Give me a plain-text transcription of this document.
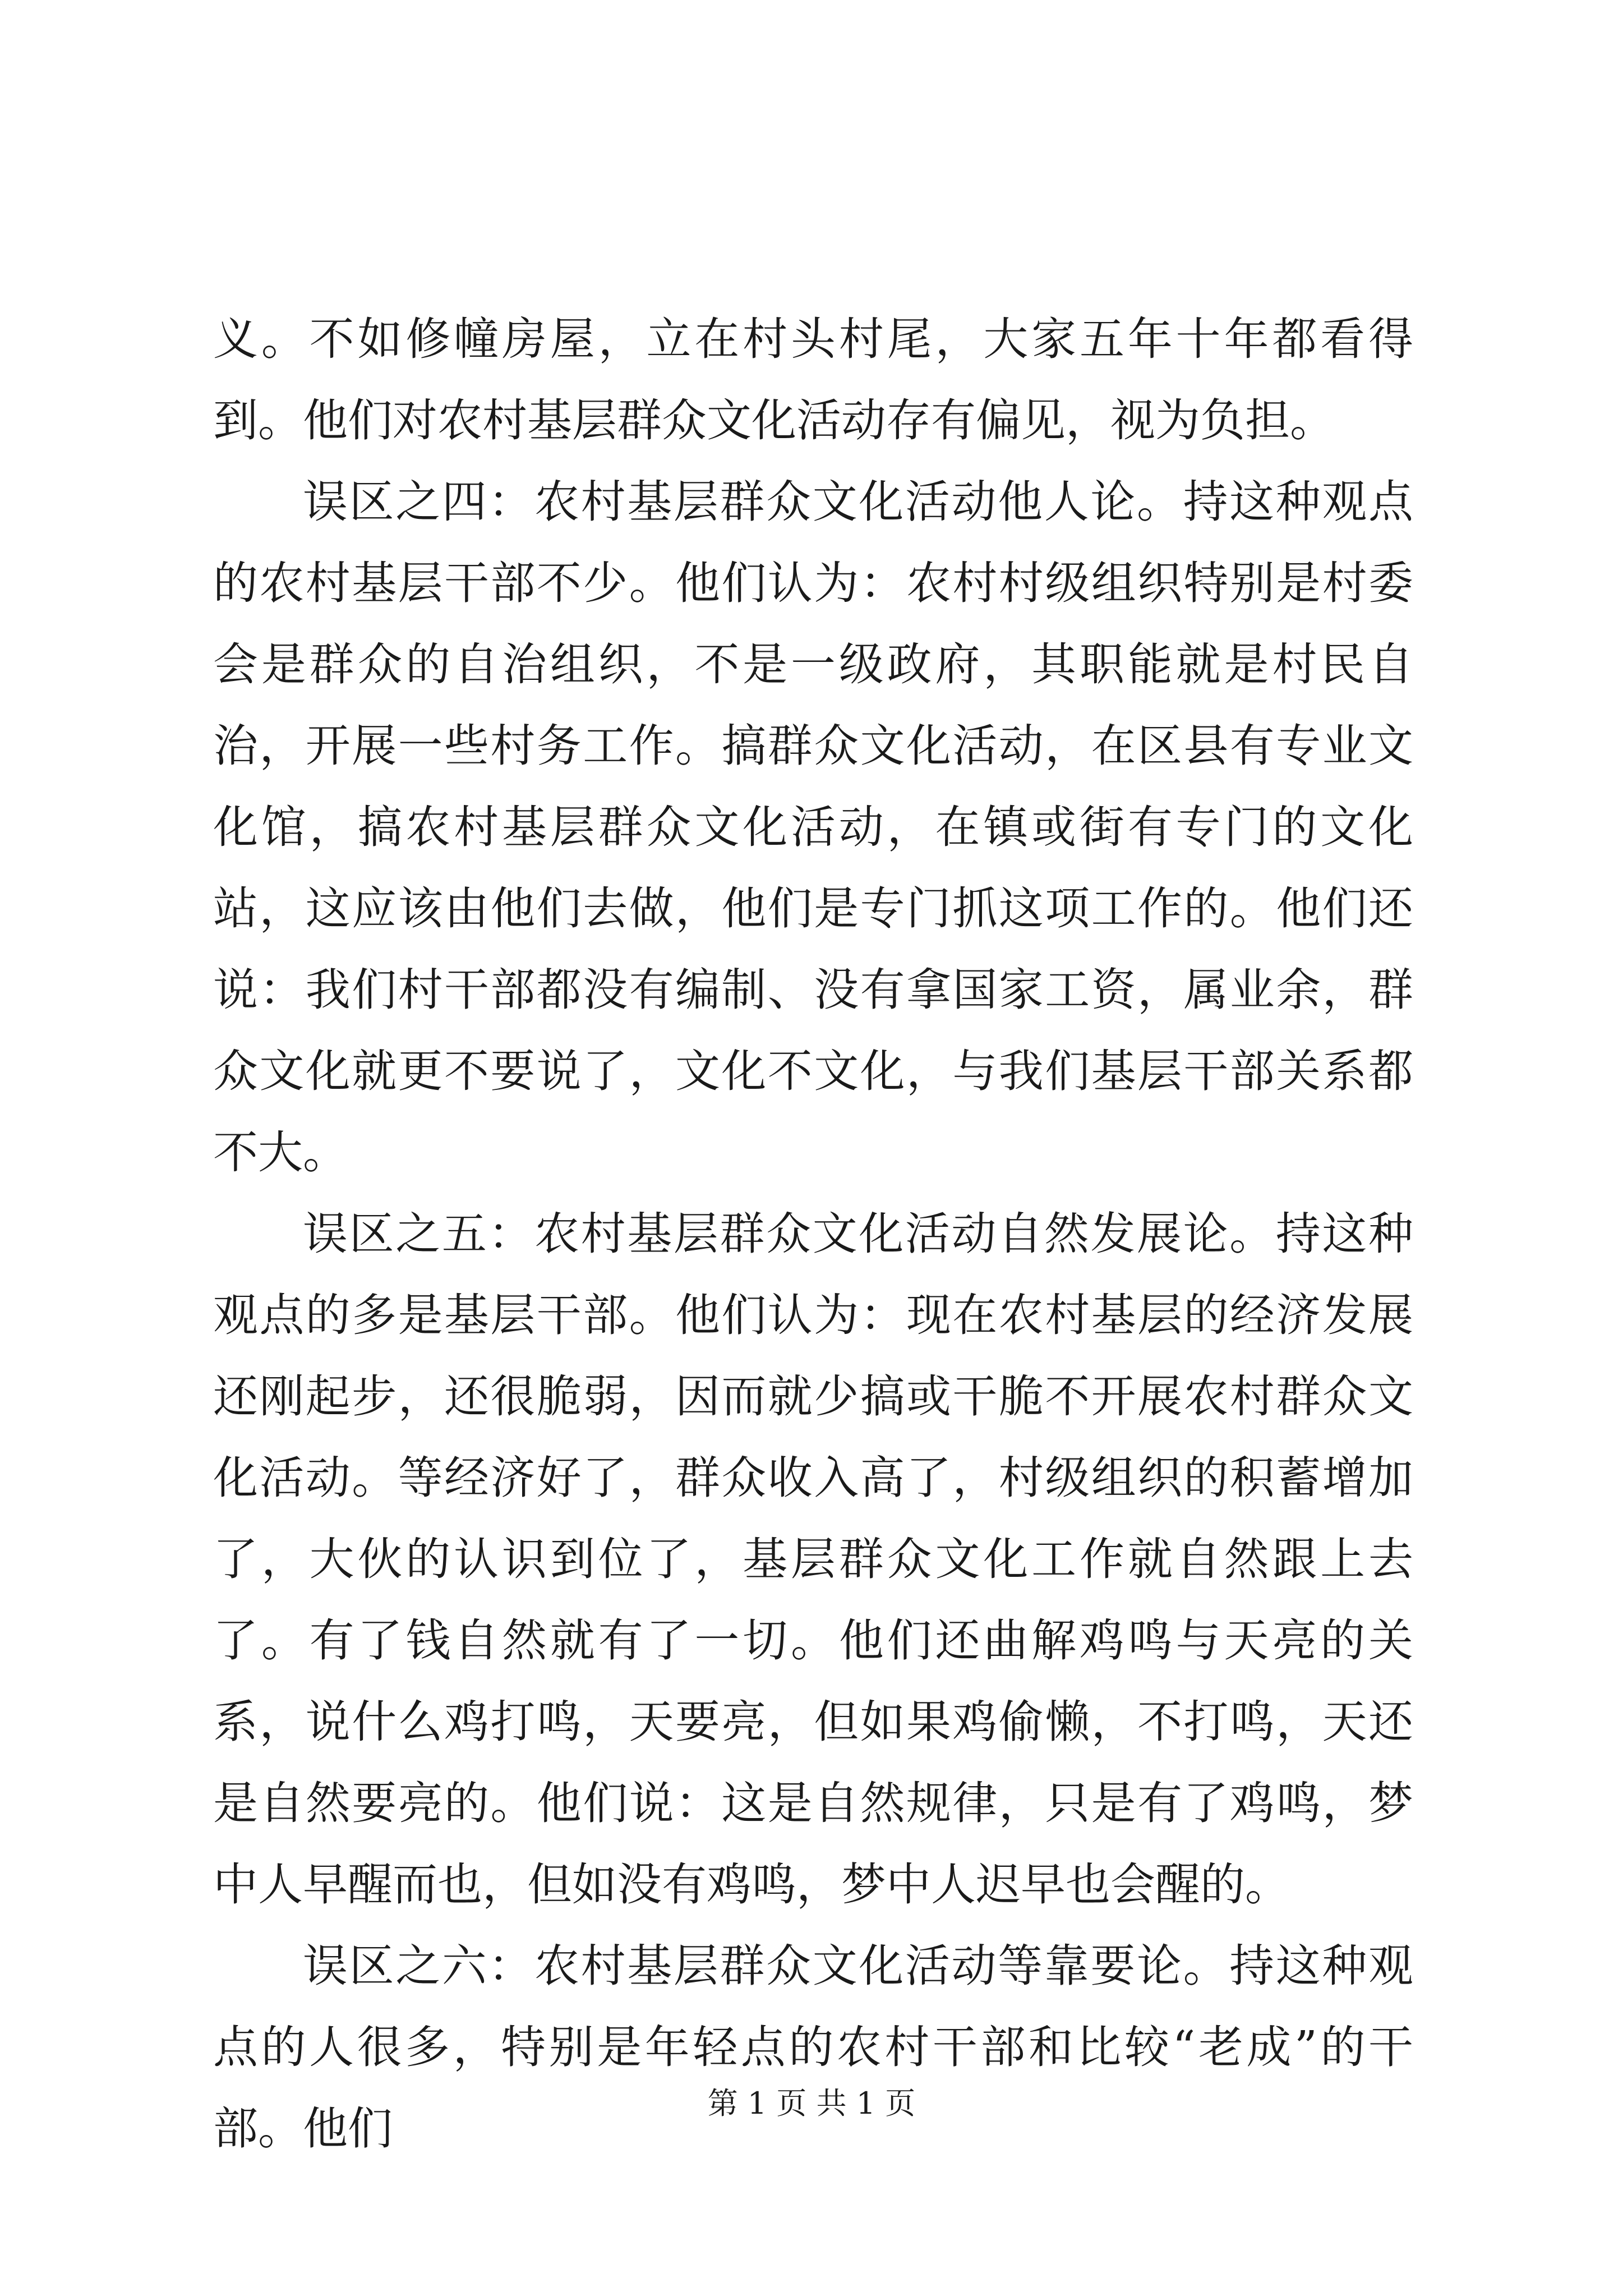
义。不如修幢房屋，立在村头村尾，大家五年十年都看得到。他们对农村基层群众文化活动存有偏见，视为负担。

误区之四：农村基层群众文化活动他人论。持这种观点的农村基层干部不少。他们认为：农村村级组织特别是村委会是群众的自治组织，不是一级政府，其职能就是村民自治，开展一些村务工作。搞群众文化活动，在区县有专业文化馆，搞农村基层群众文化活动，在镇或街有专门的文化站，这应该由他们去做，他们是专门抓这项工作的。他们还说：我们村干部都没有编制、没有拿国家工资，属业余，群众文化就更不要说了，文化不文化，与我们基层干部关系都不大。

误区之五：农村基层群众文化活动自然发展论。持这种观点的多是基层干部。他们认为：现在农村基层的经济发展还刚起步，还很脆弱，因而就少搞或干脆不开展农村群众文化活动。等经济好了，群众收入高了，村级组织的积蓄增加了，大伙的认识到位了，基层群众文化工作就自然跟上去了。有了钱自然就有了一切。他们还曲解鸡鸣与天亮的关系，说什么鸡打鸣，天要亮，但如果鸡偷懒，不打鸣，天还是自然要亮的。他们说：这是自然规律，只是有了鸡鸣，梦中人早醒而也，但如没有鸡鸣，梦中人迟早也会醒的。

误区之六：农村基层群众文化活动等靠要论。持这种观点的人很多，特别是年轻点的农村干部和比较“老成”的干部。他们	第 1 页 共 1 页
